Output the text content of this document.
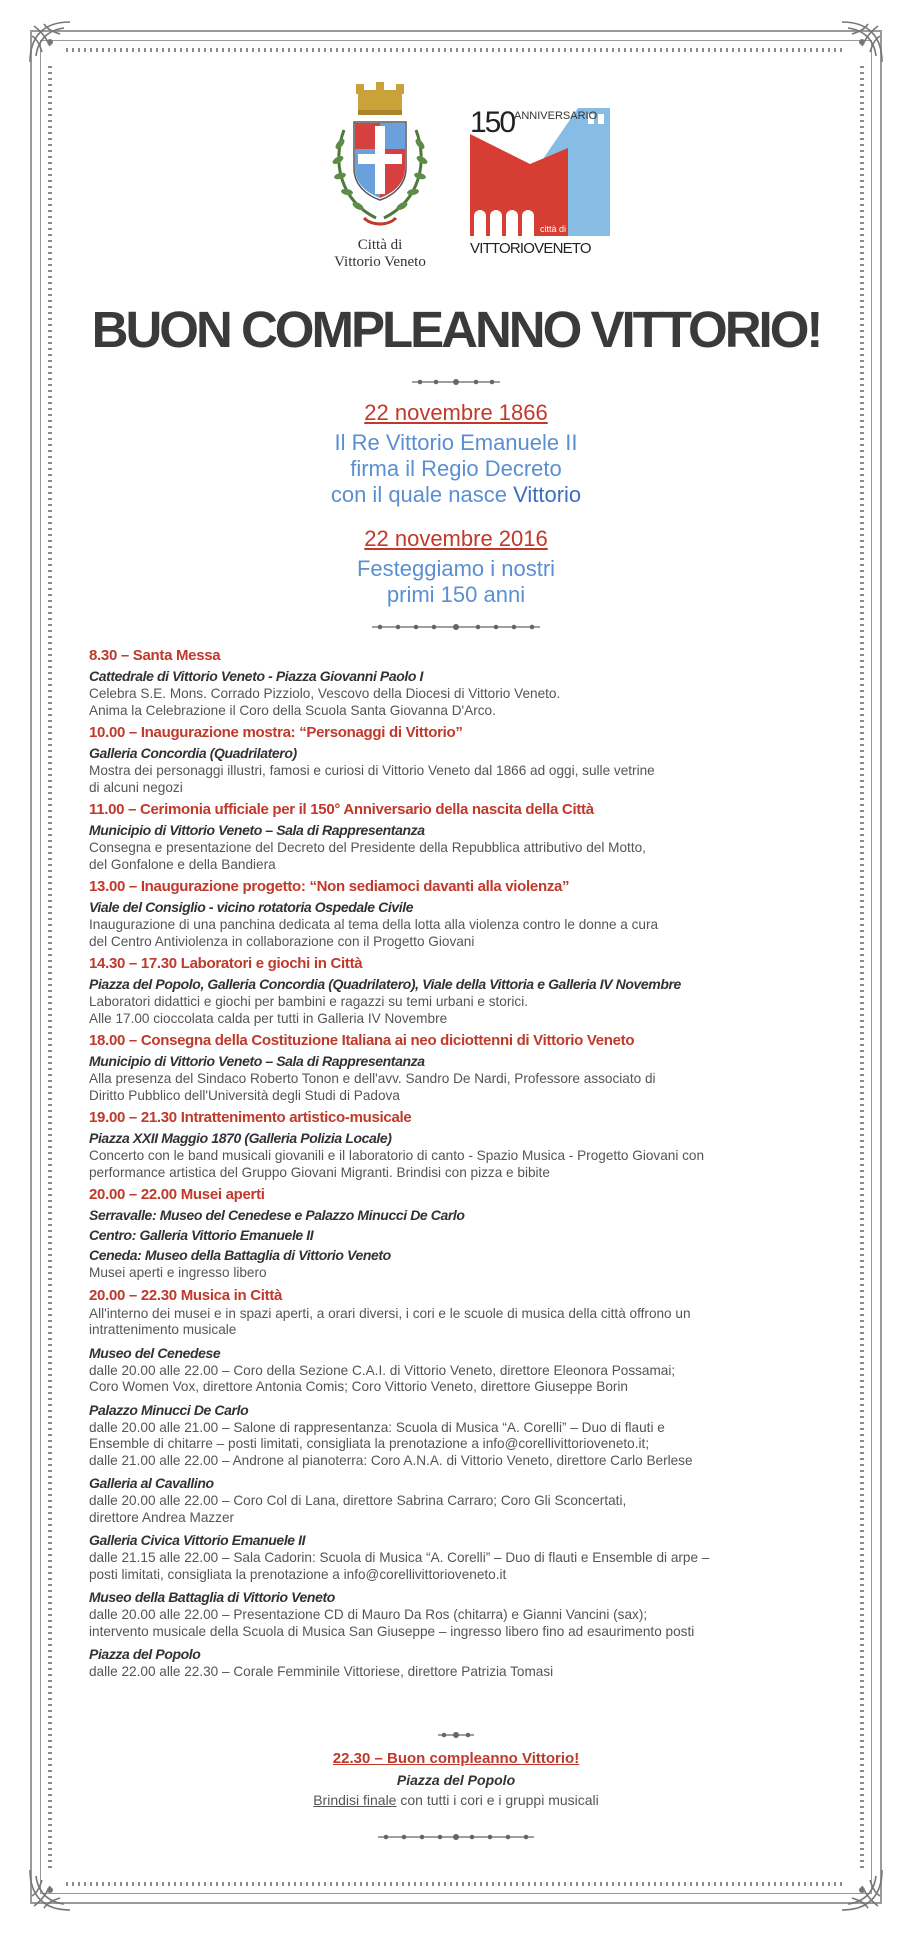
Città di
Vittorio Veneto
150 ANNIVERSARIO
città di
VITTORIOVENETO
BUON COMPLEANNO VITTORIO!
22 novembre 1866
Il Re Vittorio Emanuele II
firma il Regio Decreto
con il quale nasce Vittorio
22 novembre 2016
Festeggiamo i nostri
primi 150 anni

8.30 – Santa Messa

Cattedrale di Vittorio Veneto - Piazza Giovanni Paolo I

Celebra S.E. Mons. Corrado Pizziolo, Vescovo della Diocesi di Vittorio Veneto.
Anima la Celebrazione il Coro della Scuola Santa Giovanna D'Arco.

10.00 – Inaugurazione mostra: “Personaggi di Vittorio”

Galleria Concordia (Quadrilatero)

Mostra dei personaggi illustri, famosi e curiosi di Vittorio Veneto dal 1866 ad oggi, sulle vetrine
di alcuni negozi

11.00 – Cerimonia ufficiale per il 150° Anniversario della nascita della Città

Municipio di Vittorio Veneto – Sala di Rappresentanza

Consegna e presentazione del Decreto del Presidente della Repubblica attributivo del Motto,
del Gonfalone e della Bandiera

13.00 – Inaugurazione progetto: “Non sediamoci davanti alla violenza”

Viale del Consiglio - vicino rotatoria Ospedale Civile

Inaugurazione di una panchina dedicata al tema della lotta alla violenza contro le donne a cura
del Centro Antiviolenza in collaborazione con il Progetto Giovani

14.30 – 17.30 Laboratori e giochi in Città

Piazza del Popolo, Galleria Concordia (Quadrilatero), Viale della Vittoria e Galleria IV Novembre

Laboratori didattici e giochi per bambini e ragazzi su temi urbani e storici.
Alle 17.00 cioccolata calda per tutti in Galleria IV Novembre

18.00 – Consegna della Costituzione Italiana ai neo diciottenni di Vittorio Veneto

Municipio di Vittorio Veneto – Sala di Rappresentanza

Alla presenza del Sindaco Roberto Tonon e dell'avv. Sandro De Nardi, Professore associato di
Diritto Pubblico dell'Università degli Studi di Padova

19.00 – 21.30 Intrattenimento artistico-musicale

Piazza XXII Maggio 1870 (Galleria Polizia Locale)

Concerto con le band musicali giovanili e il laboratorio di canto - Spazio Musica - Progetto Giovani con
performance artistica del Gruppo Giovani Migranti. Brindisi con pizza e bibite

20.00 – 22.00 Musei aperti

Serravalle: Museo del Cenedese e Palazzo Minucci De Carlo

Centro: Galleria Vittorio Emanuele II

Ceneda: Museo della Battaglia di Vittorio Veneto

Musei aperti e ingresso libero

20.00 – 22.30 Musica in Città

All'interno dei musei e in spazi aperti, a orari diversi, i cori e le scuole di musica della città offrono un
intrattenimento musicale

Museo del Cenedese

dalle 20.00 alle 22.00 – Coro della Sezione C.A.I. di Vittorio Veneto, direttore Eleonora Possamai;
Coro Women Vox, direttore Antonia Comis; Coro Vittorio Veneto, direttore Giuseppe Borin

Palazzo Minucci De Carlo

dalle 20.00 alle 21.00 – Salone di rappresentanza: Scuola di Musica “A. Corelli” – Duo di flauti e
Ensemble di chitarre – posti limitati, consigliata la prenotazione a info@corellivittorioveneto.it;
dalle 21.00 alle 22.00 – Androne al pianoterra: Coro A.N.A. di Vittorio Veneto, direttore Carlo Berlese

Galleria al Cavallino

dalle 20.00 alle 22.00 – Coro Col di Lana, direttore Sabrina Carraro; Coro Gli Sconcertati,
direttore Andrea Mazzer

Galleria Civica Vittorio Emanuele II

dalle 21.15 alle 22.00 – Sala Cadorin: Scuola di Musica “A. Corelli” – Duo di flauti e Ensemble di arpe –
posti limitati, consigliata la prenotazione a info@corellivittorioveneto.it

Museo della Battaglia di Vittorio Veneto

dalle 20.00 alle 22.00 – Presentazione CD di Mauro Da Ros (chitarra) e Gianni Vancini (sax);
intervento musicale della Scuola di Musica San Giuseppe – ingresso libero fino ad esaurimento posti

Piazza del Popolo

dalle 22.00 alle 22.30 – Corale Femminile Vittoriese, direttore Patrizia Tomasi

22.30 – Buon compleanno Vittorio!
Piazza del Popolo
Brindisi finale con tutti i cori e i gruppi musicali
